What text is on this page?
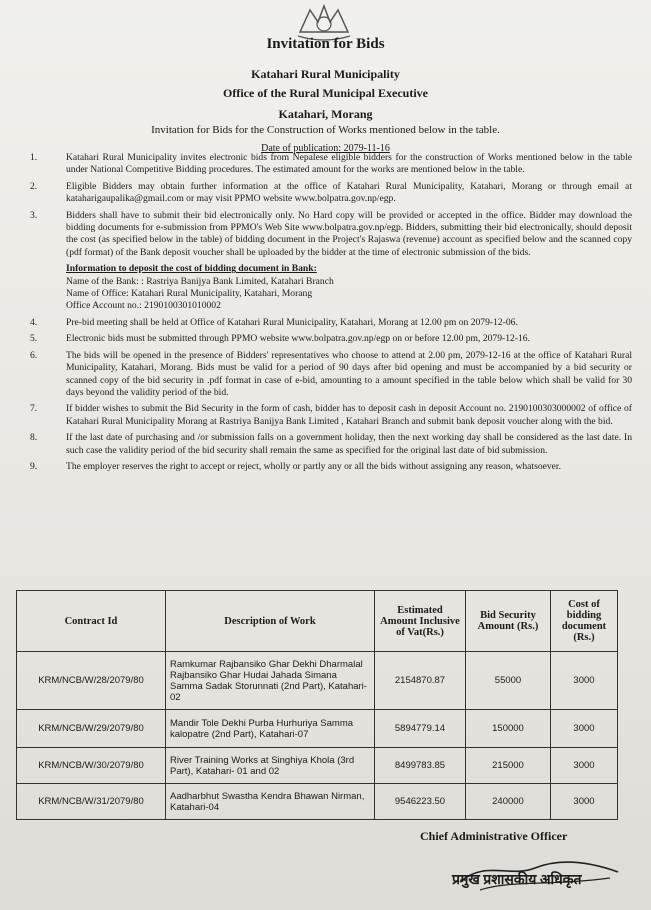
Invitation for Bids
Katahari Rural Municipality
Office of the Rural Municipal Executive
Katahari, Morang
Invitation for Bids for the Construction of Works mentioned below in the table.
Date of publication: 2079-11-16
1.	Katahari Rural Municipality invites electronic bids from Nepalese eligible bidders for the construction of Works mentioned below in the table under National Competitive Bidding procedures. The estimated amount for the works are mentioned below in the table.
2.	Eligible Bidders may obtain further information at the office of Katahari Rural Municipality, Katahari, Morang or through email at kataharigaupalika@gmail.com or may visit PPMO website www.bolpatra.gov.np/egp.
3.	Bidders shall have to submit their bid electronically only. No Hard copy will be provided or accepted in the office. Bidder may download the bidding documents for e-submission from PPMO's Web Site www.bolpatra.gov.np/egp. Bidders, submitting their bid electronically, should deposit the cost (as specified below in the table) of bidding document in the Project's Rajaswa (revenue) account as specified below and the scanned copy (pdf format) of the Bank deposit voucher shall be uploaded by the bidder at the time of electronic submission of the bids.
Information to deposit the cost of bidding document in Bank:
Name of the Bank: : Rastriya Banijya Bank Limited, Katahari Branch
Name of Office: Katahari Rural Municipality, Katahari, Morang
Office Account no.: 2190100301010002
4.	Pre-bid meeting shall be held at Office of Katahari Rural Municipality, Katahari, Morang at 12.00 pm on 2079-12-06.
5.	Electronic bids must be submitted through PPMO website www.bolpatra.gov.np/egp on or before 12.00 pm, 2079-12-16.
6.	The bids will be opened in the presence of Bidders' representatives who choose to attend at 2.00 pm, 2079-12-16 at the office of Katahari Rural Municipality, Katahari, Morang. Bids must be valid for a period of 90 days after bid opening and must be accompanied by a bid security or scanned copy of the bid security in .pdf format in case of e-bid, amounting to a amount specified in the table below which shall be valid for 30 days beyond the validity period of the bid.
7.	If bidder wishes to submit the Bid Security in the form of cash, bidder has to deposit cash in deposit Account no. 2190100303000002 of office of Katahari Rural Municipality Morang at Rastriya Banijya Bank Limited , Katahari Branch and submit bank deposit voucher along with the bid.
8.	If the last date of purchasing and /or submission falls on a government holiday, then the next working day shall be considered as the last date. In such case the validity period of the bid security shall remain the same as specified for the original last date of bid submission.
9.	The employer reserves the right to accept or reject, wholly or partly any or all the bids without assigning any reason, whatsoever.
Contract Id	Description of Work	Estimated Amount Inclusive of Vat(Rs.)	Bid Security Amount (Rs.)	Cost of bidding document (Rs.)
KRM/NCB/W/28/2079/80	Ramkumar Rajbansiko Ghar Dekhi Dharmalal Rajbansiko Ghar Hudai Jahada Simana Samma Sadak Storunnati (2nd Part), Katahari- 02	2154870.87	55000	3000
KRM/NCB/W/29/2079/80	Mandir Tole Dekhi Purba Hurhuriya Samma kalopatre (2nd Part), Katahari-07	5894779.14	150000	3000
KRM/NCB/W/30/2079/80	River Training Works at Singhiya Khola (3rd Part), Katahari- 01 and 02	8499783.85	215000	3000
KRM/NCB/W/31/2079/80	Aadharbhut Swastha Kendra Bhawan Nirman, Katahari-04	9546223.50	240000	3000
Chief Administrative Officer
प्रमुख प्रशासकीय अधिकृत
